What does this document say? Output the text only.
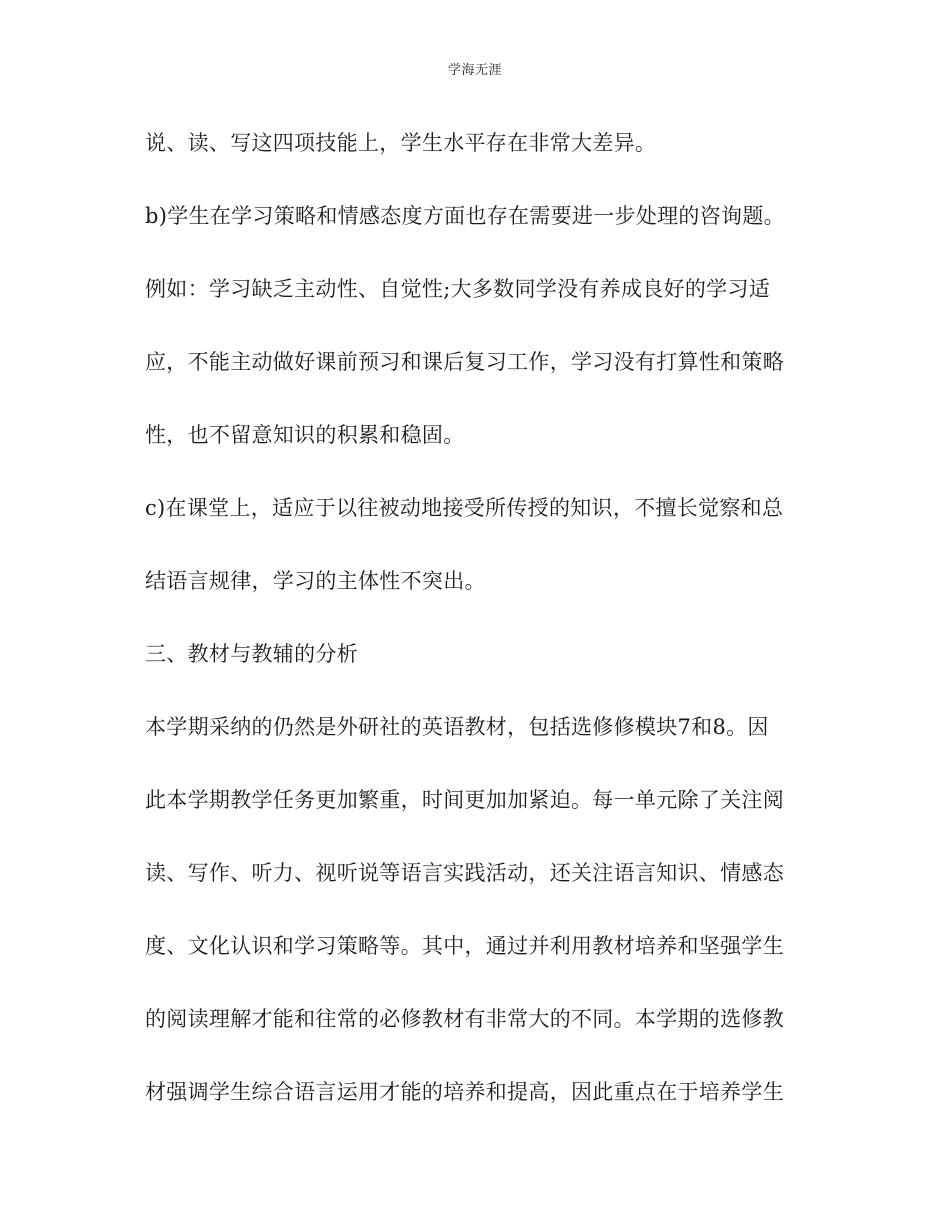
学海无涯
说、读、写这四项技能上，学生水平存在非常大差异。
b)学生在学习策略和情感态度方面也存在需要进一步处理的咨询题。
例如：学习缺乏主动性、自觉性;大多数同学没有养成良好的学习适
应，不能主动做好课前预习和课后复习工作，学习没有打算性和策略
性，也不留意知识的积累和稳固。
c)在课堂上，适应于以往被动地接受所传授的知识，不擅长觉察和总
结语言规律，学习的主体性不突出。
三、教材与教辅的分析
本学期采纳的仍然是外研社的英语教材，包括选修修模块7和8。因
此本学期教学任务更加繁重，时间更加加紧迫。每一单元除了关注阅
读、写作、听力、视听说等语言实践活动，还关注语言知识、情感态
度、文化认识和学习策略等。其中，通过并利用教材培养和坚强学生
的阅读理解才能和往常的必修教材有非常大的不同。本学期的选修教
材强调学生综合语言运用才能的培养和提高，因此重点在于培养学生
